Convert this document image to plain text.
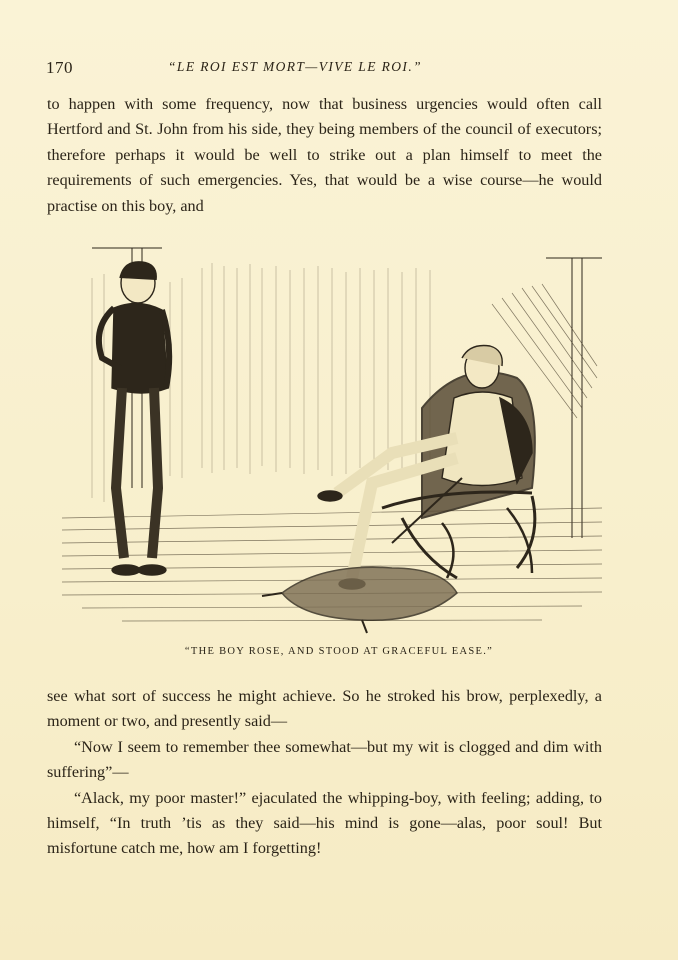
170	“LE ROI EST MORT—VIVE LE ROI.”

to happen with some frequency, now that business urgencies would often call Hertford and St. John from his side, they being members of the council of executors; therefore perhaps it would be well to strike out a plan himself to meet the requirements of such emergencies. Yes, that would be a wise course—he would practise on this boy, and

“THE BOY ROSE, AND STOOD AT GRACEFUL EASE.”

see what sort of success he might achieve. So he stroked his brow, perplexedly, a moment or two, and presently said—

“Now I seem to remember thee somewhat—but my wit is clogged and dim with suffering”—

“Alack, my poor master!” ejaculated the whipping-boy, with feeling; adding, to himself, “In truth ’tis as they said—his mind is gone—alas, poor soul! But misfortune catch me, how am I forgetting!
